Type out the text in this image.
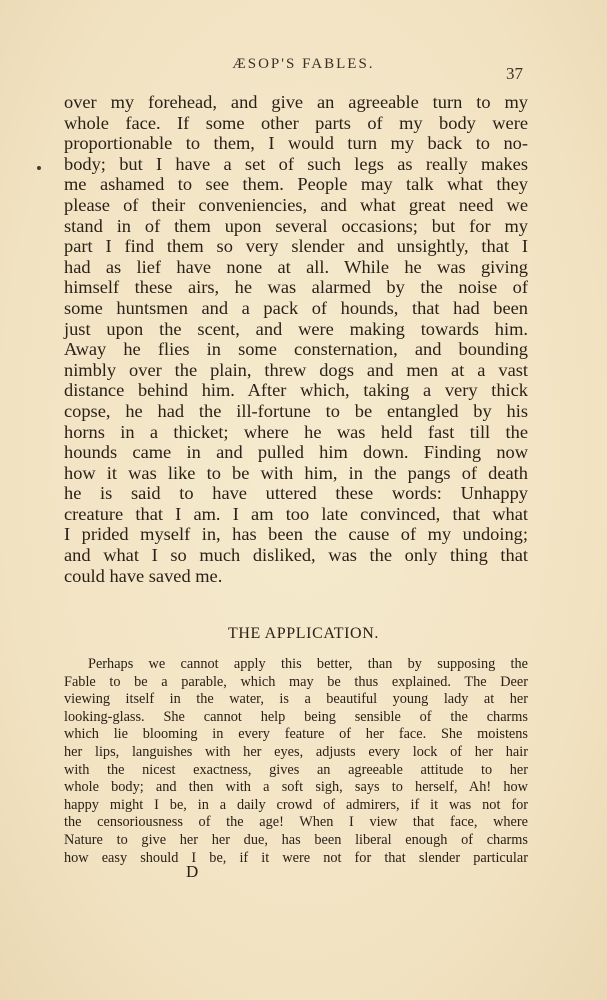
ÆSOP'S FABLES.	37
over my forehead, and give an agreeable turn to my
whole face. If some other parts of my body were
proportionable to them, I would turn my back to no-
body; but I have a set of such legs as really makes
me ashamed to see them. People may talk what they
please of their conveniencies, and what great need we
stand in of them upon several occasions; but for my
part I find them so very slender and unsightly, that I
had as lief have none at all. While he was giving
himself these airs, he was alarmed by the noise of
some huntsmen and a pack of hounds, that had been
just upon the scent, and were making towards him.
Away he flies in some consternation, and bounding
nimbly over the plain, threw dogs and men at a vast
distance behind him. After which, taking a very thick
copse, he had the ill-fortune to be entangled by his
horns in a thicket; where he was held fast till the
hounds came in and pulled him down. Finding now
how it was like to be with him, in the pangs of death
he is said to have uttered these words: Unhappy
creature that I am. I am too late convinced, that what
I prided myself in, has been the cause of my undoing;
and what I so much disliked, was the only thing that
could have saved me.
THE APPLICATION.
Perhaps we cannot apply this better, than by supposing the
Fable to be a parable, which may be thus explained. The Deer
viewing itself in the water, is a beautiful young lady at her
looking-glass. She cannot help being sensible of the charms
which lie blooming in every feature of her face. She moistens
her lips, languishes with her eyes, adjusts every lock of her hair
with the nicest exactness, gives an agreeable attitude to her
whole body; and then with a soft sigh, says to herself, Ah! how
happy might I be, in a daily crowd of admirers, if it was not for
the censoriousness of the age! When I view that face, where
Nature to give her her due, has been liberal enough of charms
how easy should I be, if it were not for that slender particular
D
